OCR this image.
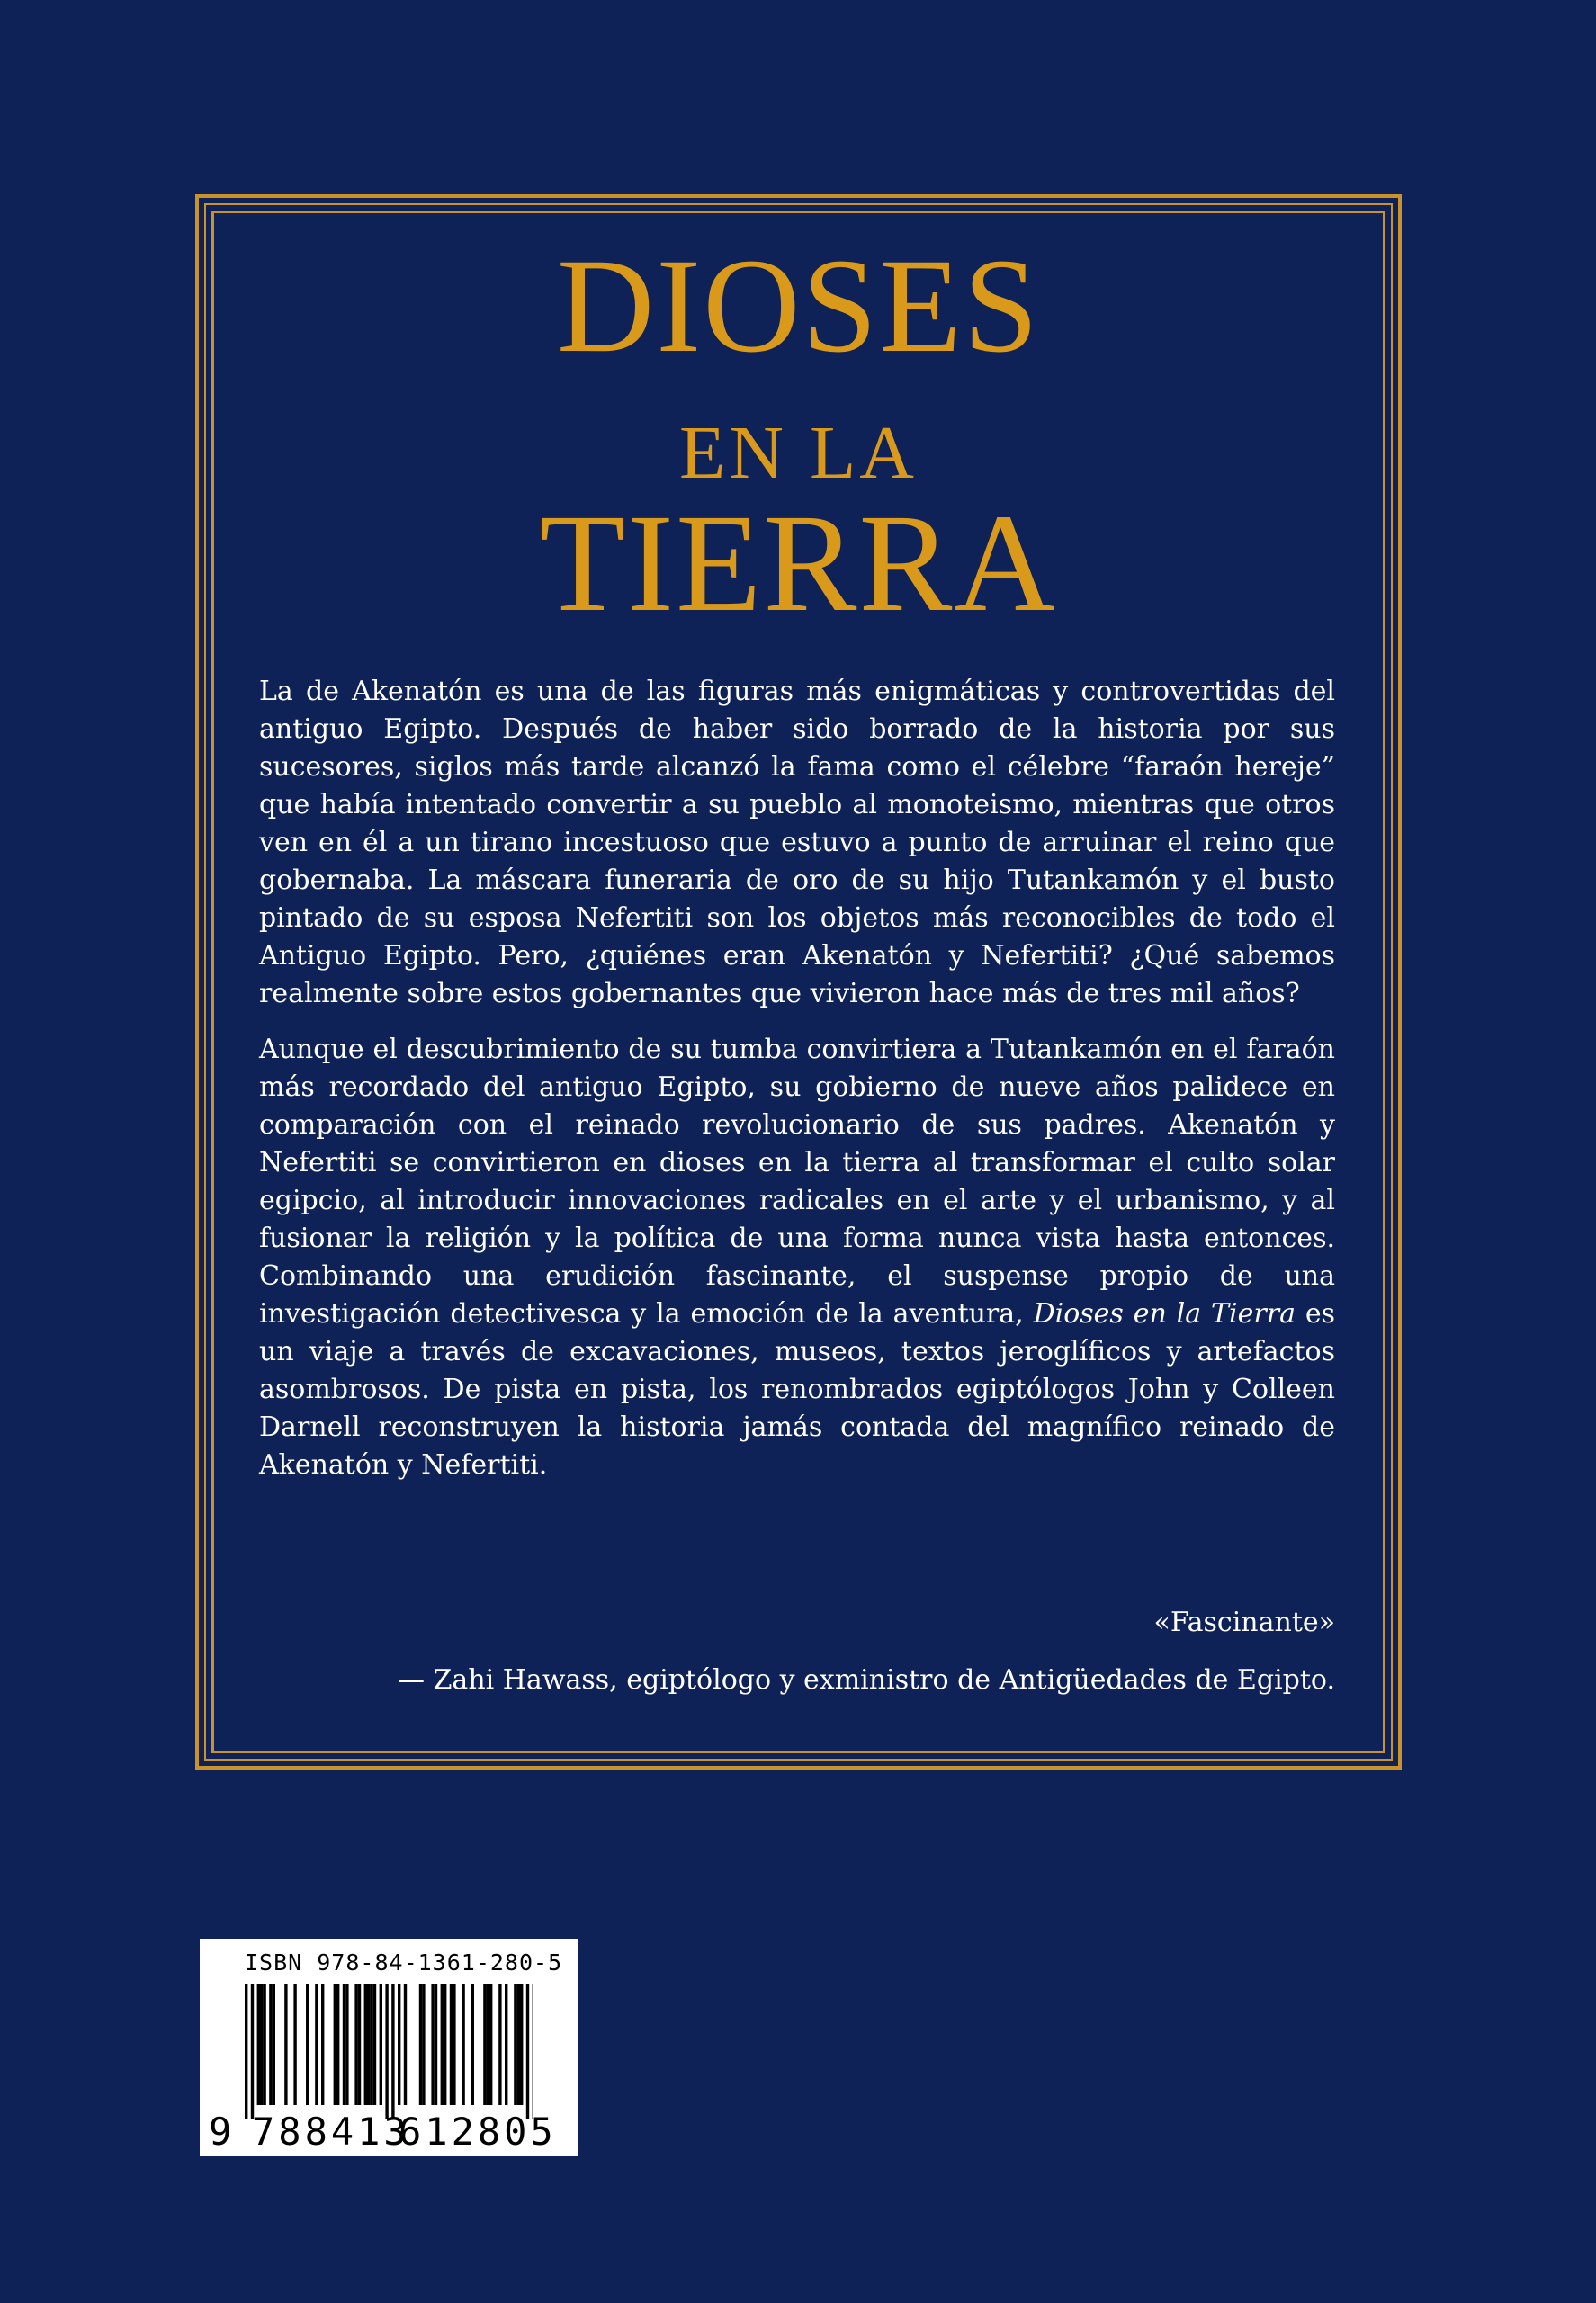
DIOSES
EN LA
TIERRA

La de Akenatón es una de las figuras más enigmáticas y controvertidas del antiguo Egipto. Después de haber sido borrado de la historia por sus sucesores, siglos más tarde alcanzó la fama como el célebre “faraón hereje” que había intentado convertir a su pueblo al monoteismo, mientras que otros ven en él a un tirano incestuoso que estuvo a punto de arruinar el reino que gobernaba. La máscara funeraria de oro de su hijo Tutankamón y el busto pintado de su esposa Nefertiti son los objetos más reconocibles de todo el Antiguo Egipto. Pero, ¿quiénes eran Akenatón y Nefertiti? ¿Qué sabemos realmente sobre estos gobernantes que vivieron hace más de tres mil años?

Aunque el descubrimiento de su tumba convirtiera a Tutankamón en el faraón más recordado del antiguo Egipto, su gobierno de nueve años palidece en comparación con el reinado revolucionario de sus padres. Akenatón y Nefertiti se convirtieron en dioses en la tierra al transformar el culto solar egipcio, al introducir innovaciones radicales en el arte y el urbanismo, y al fusionar la religión y la política de una forma nunca vista hasta entonces. Combinando una erudición fascinante, el suspense propio de una investigación detectivesca y la emoción de la aventura, Dioses en la Tierra es un viaje a través de excavaciones, museos, textos jeroglíficos y artefactos asombrosos. De pista en pista, los renombrados egiptólogos John y Colleen Darnell reconstruyen la historia jamás contada del magnífico reinado de Akenatón y Nefertiti.

«Fascinante»
— Zahi Hawass, egiptólogo y exministro de Antigüedades de Egipto.
ISBN 978-84-1361-280-5
9 788413
612805
